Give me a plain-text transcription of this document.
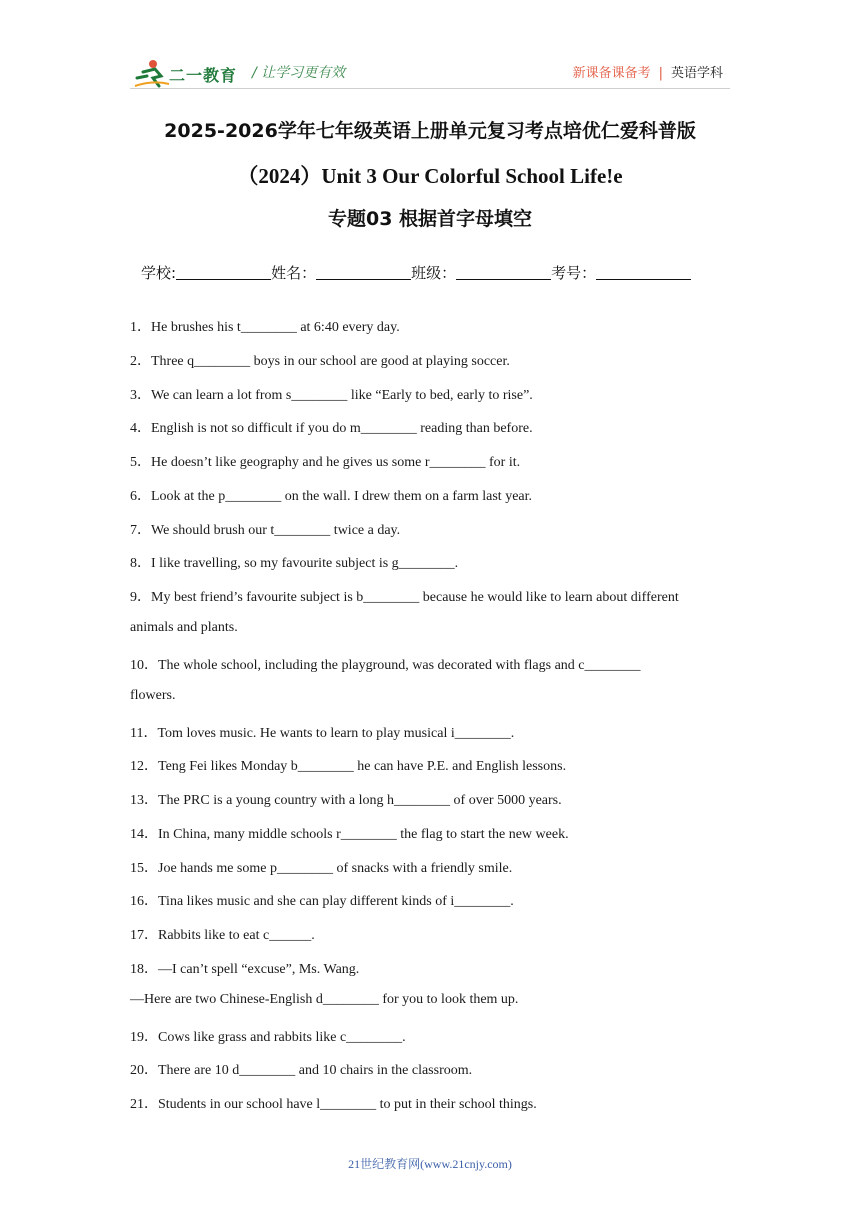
二一教育 / 让学习更有效	新课备课备考 | 英语学科
2025-2026学年七年级英语上册单元复习考点培优仁爱科普版
（2024）Unit 3 Our Colorful School Life!e
专题03 根据首字母填空
学校:	姓名：	班级：	考号：
1．He brushes his t________ at 6:40 every day.
2．Three q________ boys in our school are good at playing soccer.
3．We can learn a lot from s________ like “Early to bed, early to rise”.
4．English is not so difficult if you do m________ reading than before.
5．He doesn’t like geography and he gives us some r________ for it.
6．Look at the p________ on the wall. I drew them on a farm last year.
7．We should brush our t________ twice a day.
8．I like travelling, so my favourite subject is g________.
9．My best friend’s favourite subject is b________ because he would like to learn about different
animals and plants.
10．The whole school, including the playground, was decorated with flags and c________
flowers.
11．Tom loves music. He wants to learn to play musical i________.
12．Teng Fei likes Monday b________ he can have P.E. and English lessons.
13．The PRC is a young country with a long h________ of over 5000 years.
14．In China, many middle schools r________ the flag to start the new week.
15．Joe hands me some p________ of snacks with a friendly smile.
16．Tina likes music and she can play different kinds of i________.
17．Rabbits like to eat c______.
18．—I can’t spell “excuse”, Ms. Wang.
—Here are two Chinese-English d________ for you to look them up.
19．Cows like grass and rabbits like c________.
20．There are 10 d________ and 10 chairs in the classroom.
21．Students in our school have l________ to put in their school things.
21世纪教育网(www.21cnjy.com)
